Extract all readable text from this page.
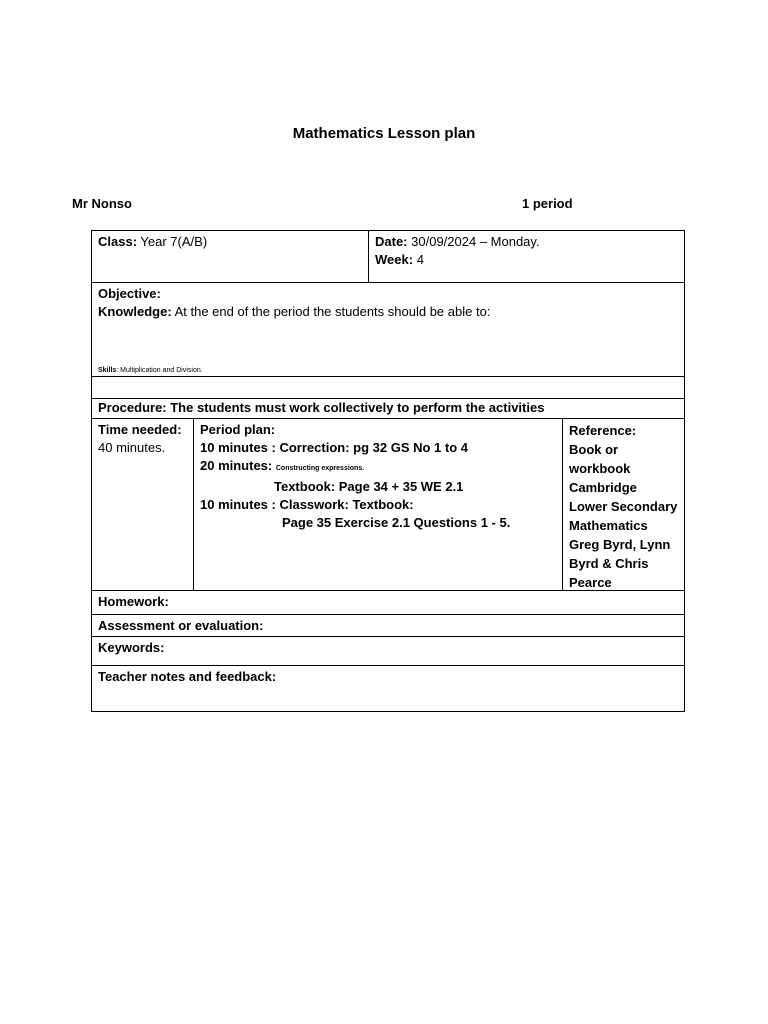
Mathematics Lesson plan
Mr Nonso	1 period
Class: Year 7(A/B)	Date: 30/09/2024 – Monday.
Week: 4
Objective:
Knowledge: At the end of the period the students should be able to:
Skills: Multiplication and Division.
Procedure: The students must work collectively to perform the activities
Time needed:
40 minutes.
Period plan:
10 minutes : Correction: pg 32 GS No 1 to 4
20 minutes: Constructing expressions.
Textbook: Page 34 + 35 WE 2.1
10 minutes : Classwork: Textbook:
Page 35 Exercise 2.1 Questions 1 - 5.
Reference:
Book or
workbook
Cambridge
Lower Secondary
Mathematics
Greg Byrd, Lynn
Byrd & Chris
Pearce
Homework:
Assessment or evaluation:
Keywords:
Teacher notes and feedback:
